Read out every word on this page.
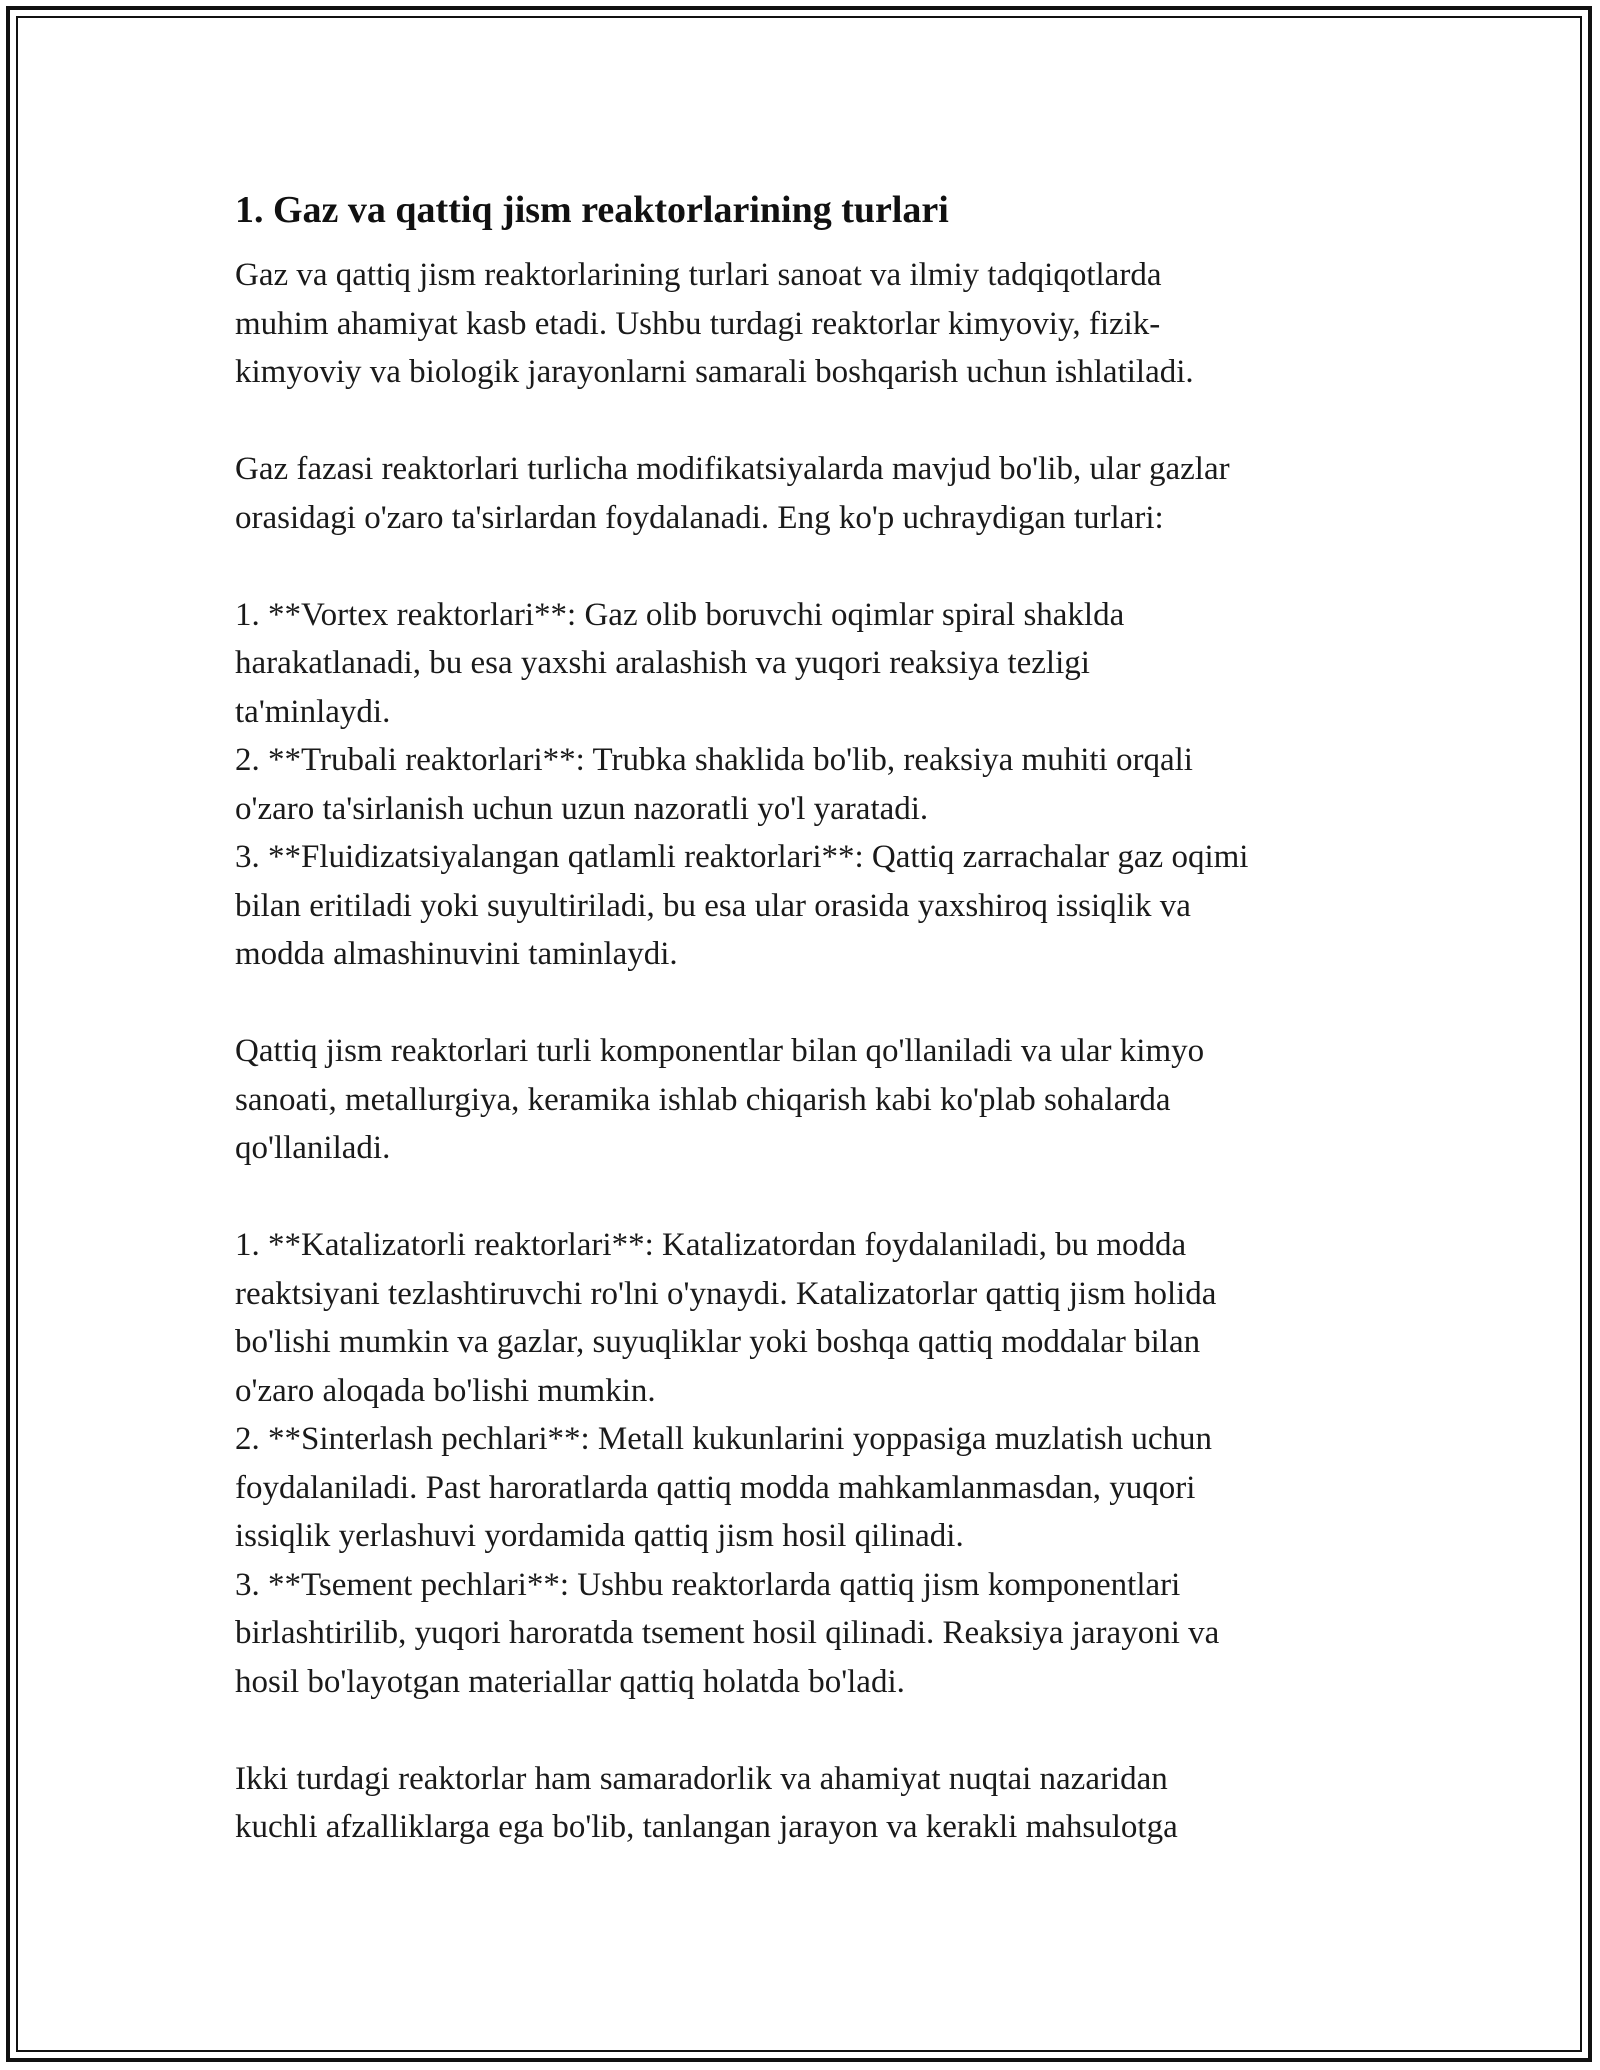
1. Gaz va qattiq jism reaktorlarining turlari

Gaz va qattiq jism reaktorlarining turlari sanoat va ilmiy tadqiqotlarda
muhim ahamiyat kasb etadi. Ushbu turdagi reaktorlar kimyoviy, fizik-
kimyoviy va biologik jarayonlarni samarali boshqarish uchun ishlatiladi.

Gaz fazasi reaktorlari turlicha modifikatsiyalarda mavjud bo'lib, ular gazlar
orasidagi o'zaro ta'sirlardan foydalanadi. Eng ko'p uchraydigan turlari:

1. **Vortex reaktorlari**: Gaz olib boruvchi oqimlar spiral shaklda
harakatlanadi, bu esa yaxshi aralashish va yuqori reaksiya tezligi
ta'minlaydi.
2. **Trubali reaktorlari**: Trubka shaklida bo'lib, reaksiya muhiti orqali
o'zaro ta'sirlanish uchun uzun nazoratli yo'l yaratadi.
3. **Fluidizatsiyalangan qatlamli reaktorlari**: Qattiq zarrachalar gaz oqimi
bilan eritiladi yoki suyultiriladi, bu esa ular orasida yaxshiroq issiqlik va
modda almashinuvini taminlaydi.

Qattiq jism reaktorlari turli komponentlar bilan qo'llaniladi va ular kimyo
sanoati, metallurgiya, keramika ishlab chiqarish kabi ko'plab sohalarda
qo'llaniladi.

1. **Katalizatorli reaktorlari**: Katalizatordan foydalaniladi, bu modda
reaktsiyani tezlashtiruvchi ro'lni o'ynaydi. Katalizatorlar qattiq jism holida
bo'lishi mumkin va gazlar, suyuqliklar yoki boshqa qattiq moddalar bilan
o'zaro aloqada bo'lishi mumkin.
2. **Sinterlash pechlari**: Metall kukunlarini yoppasiga muzlatish uchun
foydalaniladi. Past haroratlarda qattiq modda mahkamlanmasdan, yuqori
issiqlik yerlashuvi yordamida qattiq jism hosil qilinadi.
3. **Tsement pechlari**: Ushbu reaktorlarda qattiq jism komponentlari
birlashtirilib, yuqori haroratda tsement hosil qilinadi. Reaksiya jarayoni va
hosil bo'layotgan materiallar qattiq holatda bo'ladi.

Ikki turdagi reaktorlar ham samaradorlik va ahamiyat nuqtai nazaridan
kuchli afzalliklarga ega bo'lib, tanlangan jarayon va kerakli mahsulotga
